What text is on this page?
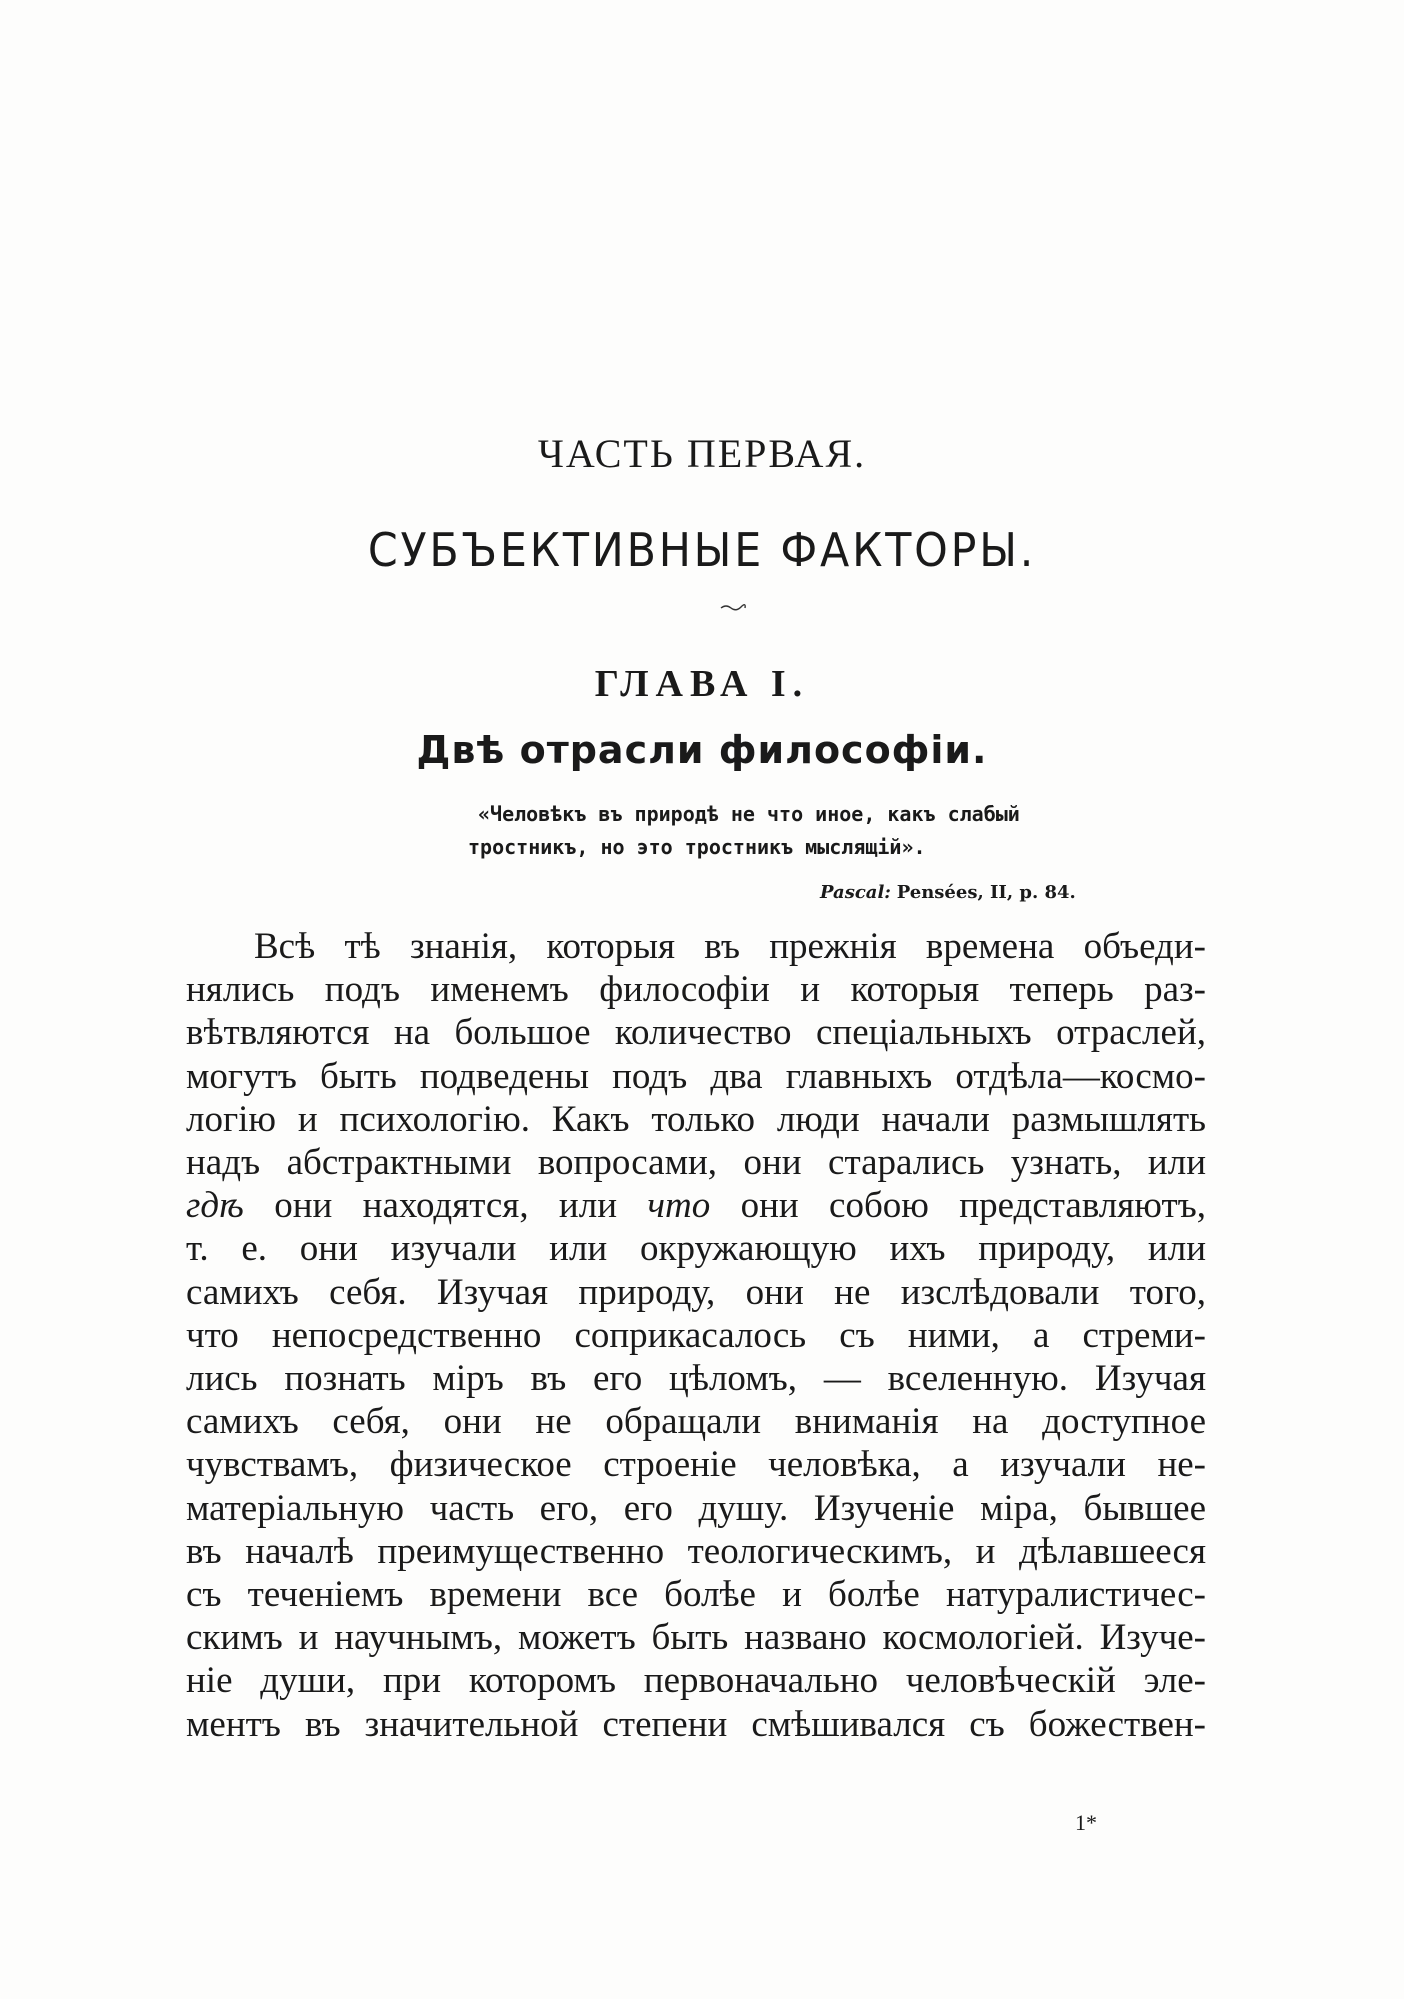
ЧАСТЬ ПЕРВАЯ.
СУБЪЕКТИВНЫЕ ФАКТОРЫ.
ГЛАВА I.
Двѣ отрасли философіи.
«Человѣкъ въ природѣ не что иное, какъ слабый
тростникъ, но это тростникъ мыслящій».
Pascal: Pensées, II, p. 84.
Всѣ тѣ знанія, которыя въ прежнія времена объеди-
нялись подъ именемъ философіи и которыя теперь раз-
вѣтвляются на большое количество спеціальныхъ отраслей,
могутъ быть подведены подъ два главныхъ отдѣла—космо-
логію и психологію. Какъ только люди начали размышлять
надъ абстрактными вопросами, они старались узнать, или
гдѣ они находятся, или что они собою представляютъ,
т. е. они изучали или окружающую ихъ природу, или
самихъ себя. Изучая природу, они не изслѣдовали того,
что непосредственно соприкасалось съ ними, а стреми-
лись познать міръ въ его цѣломъ, — вселенную. Изучая
самихъ себя, они не обращали вниманія на доступное
чувствамъ, физическое строеніе человѣка, а изучали не-
матеріальную часть его, его душу. Изученіе міра, бывшее
въ началѣ преимущественно теологическимъ, и дѣлавшееся
съ теченіемъ времени все болѣе и болѣе натуралистичес-
скимъ и научнымъ, можетъ быть названо космологіей. Изуче-
ніе души, при которомъ первоначально человѣческій эле-
ментъ въ значительной степени смѣшивался съ божествен-
1*
